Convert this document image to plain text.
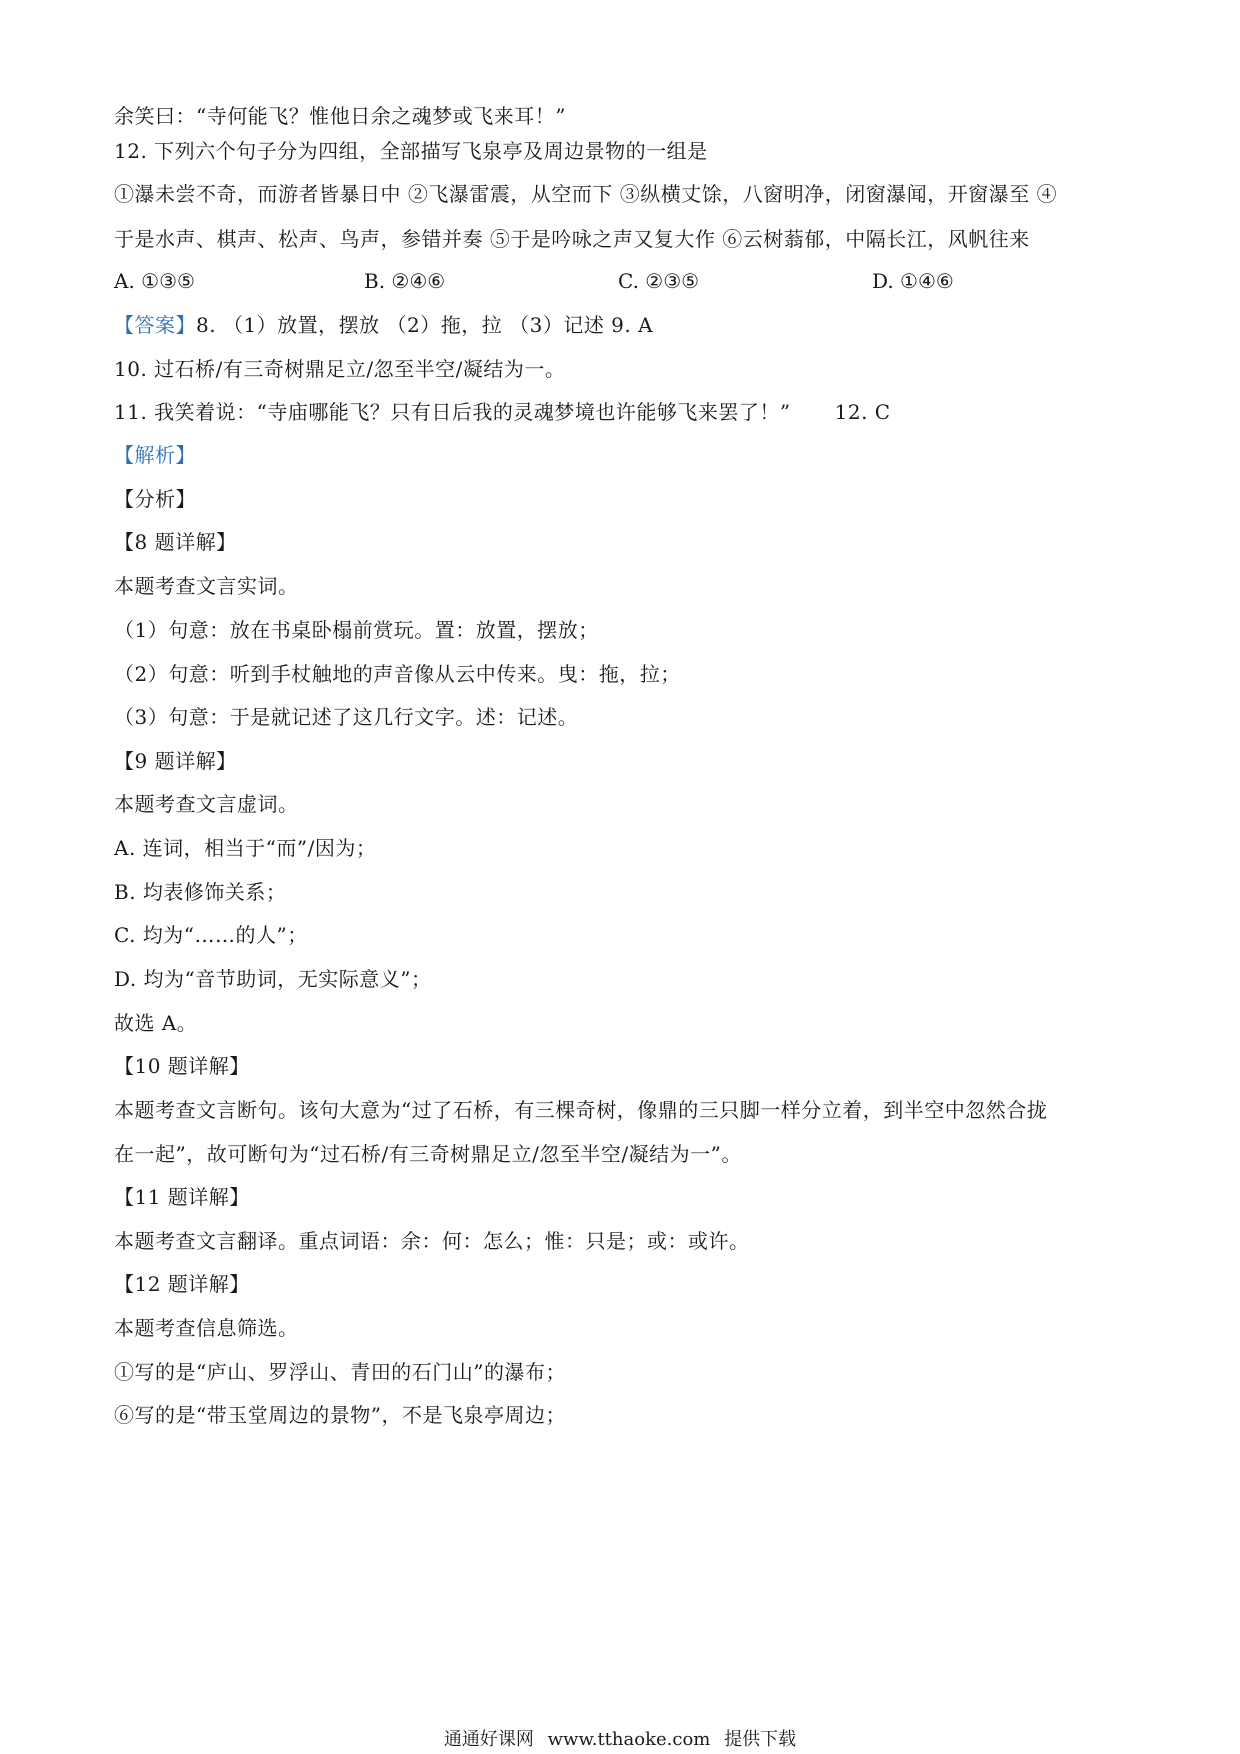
余笑曰：“寺何能飞？惟他日余之魂梦或飞来耳！”
12. 下列六个句子分为四组，全部描写飞泉亭及周边景物的一组是
①瀑未尝不奇，而游者皆暴日中 ②飞瀑雷震，从空而下 ③纵横丈馀，八窗明净，闭窗瀑闻，开窗瀑至 ④
于是水声、棋声、松声、鸟声，参错并奏 ⑤于是吟咏之声又复大作 ⑥云树蓊郁，中隔长江，风帆往来
A. ①③⑤	B. ②④⑥	C. ②③⑤	D. ①④⑥
【答案】8. （1）放置，摆放 （2）拖，拉 （3）记述 9. A
10. 过石桥/有三奇树鼎足立/忽至半空/凝结为一。
11. 我笑着说：“寺庙哪能飞？只有日后我的灵魂梦境也许能够飞来罢了！” 12. C
【解析】
【分析】
【8 题详解】
本题考查文言实词。
（1）句意：放在书桌卧榻前赏玩。置：放置，摆放；
（2）句意：听到手杖触地的声音像从云中传来。曳：拖，拉；
（3）句意：于是就记述了这几行文字。述：记述。
【9 题详解】
本题考查文言虚词。
A. 连词，相当于“而”/因为；
B. 均表修饰关系；
C. 均为“……的人”；
D. 均为“音节助词，无实际意义”；
故选 A。
【10 题详解】
本题考查文言断句。该句大意为“过了石桥，有三棵奇树，像鼎的三只脚一样分立着，到半空中忽然合拢
在一起”，故可断句为“过石桥/有三奇树鼎足立/忽至半空/凝结为一”。
【11 题详解】
本题考查文言翻译。重点词语：余：何：怎么；惟：只是；或：或许。
【12 题详解】
本题考查信息筛选。
①写的是“庐山、罗浮山、青田的石门山”的瀑布；
⑥写的是“带玉堂周边的景物”，不是飞泉亭周边；
通通好课网 www.tthaoke.com 提供下载
